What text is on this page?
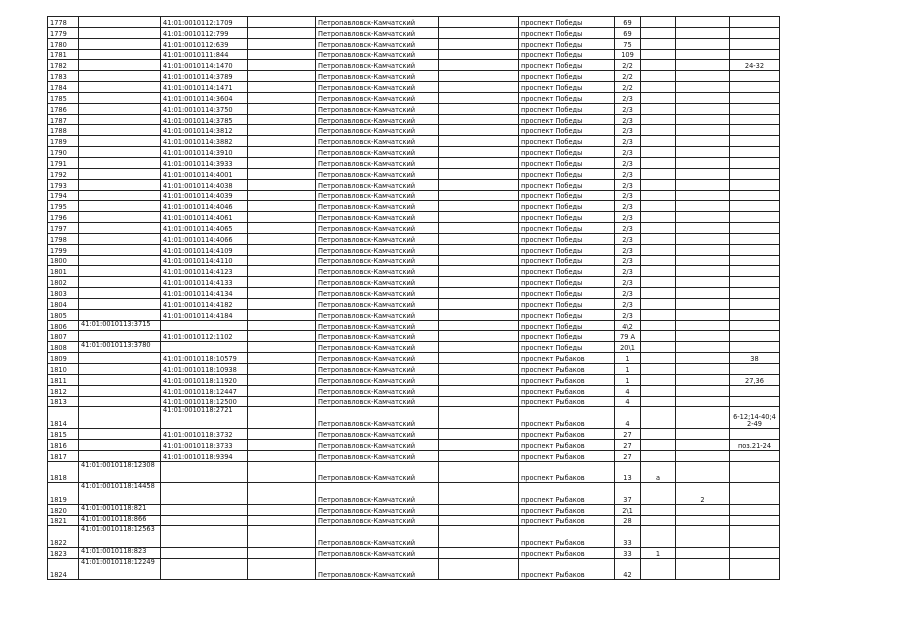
1778		41:01:0010112:1709		Петропавловск-Камчатский		проспект Победы	69			
1779		41:01:0010112:799		Петропавловск-Камчатский		проспект Победы	69			
1780		41:01:0010112:639		Петропавловск-Камчатский		проспект Победы	75			
1781		41:01:0010111:844		Петропавловск-Камчатский		проспект Победы	109			
1782		41:01:0010114:1470		Петропавловск-Камчатский		проспект Победы	2/2			24-32
1783		41:01:0010114:3789		Петропавловск-Камчатский		проспект Победы	2/2			
1784		41:01:0010114:1471		Петропавловск-Камчатский		проспект Победы	2/2			
1785		41:01:0010114:3604		Петропавловск-Камчатский		проспект Победы	2/3			
1786		41:01:0010114:3750		Петропавловск-Камчатский		проспект Победы	2/3			
1787		41:01:0010114:3785		Петропавловск-Камчатский		проспект Победы	2/3			
1788		41:01:0010114:3812		Петропавловск-Камчатский		проспект Победы	2/3			
1789		41:01:0010114:3882		Петропавловск-Камчатский		проспект Победы	2/3			
1790		41:01:0010114:3910		Петропавловск-Камчатский		проспект Победы	2/3			
1791		41:01:0010114:3933		Петропавловск-Камчатский		проспект Победы	2/3			
1792		41:01:0010114:4001		Петропавловск-Камчатский		проспект Победы	2/3			
1793		41:01:0010114:4038		Петропавловск-Камчатский		проспект Победы	2/3			
1794		41:01:0010114:4039		Петропавловск-Камчатский		проспект Победы	2/3			
1795		41:01:0010114:4046		Петропавловск-Камчатский		проспект Победы	2/3			
1796		41:01:0010114:4061		Петропавловск-Камчатский		проспект Победы	2/3			
1797		41:01:0010114:4065		Петропавловск-Камчатский		проспект Победы	2/3			
1798		41:01:0010114:4066		Петропавловск-Камчатский		проспект Победы	2/3			
1799		41:01:0010114:4109		Петропавловск-Камчатский		проспект Победы	2/3			
1800		41:01:0010114:4110		Петропавловск-Камчатский		проспект Победы	2/3			
1801		41:01:0010114:4123		Петропавловск-Камчатский		проспект Победы	2/3			
1802		41:01:0010114:4133		Петропавловск-Камчатский		проспект Победы	2/3			
1803		41:01:0010114:4134		Петропавловск-Камчатский		проспект Победы	2/3			
1804		41:01:0010114:4182		Петропавловск-Камчатский		проспект Победы	2/3			
1805		41:01:0010114:4184		Петропавловск-Камчатский		проспект Победы	2/3			
1806	41:01:0010113:3715			Петропавловск-Камчатский		проспект Победы	4\2			
1807		41:01:0010112:1102		Петропавловск-Камчатский		проспект Победы	79 А			
1808	41:01:0010113:3780			Петропавловск-Камчатский		проспект Победы	20\1			
1809		41:01:0010118:10579		Петропавловск-Камчатский		проспект Рыбаков	1			38
1810		41:01:0010118:10938		Петропавловск-Камчатский		проспект Рыбаков	1			
1811		41:01:0010118:11920		Петропавловск-Камчатский		проспект Рыбаков	1			27,36
1812		41:01:0010118:12447		Петропавловск-Камчатский		проспект Рыбаков	4			
1813		41:01:0010118:12500		Петропавловск-Камчатский		проспект Рыбаков	4			
1814		41:01:0010118:2721		Петропавловск-Камчатский		проспект Рыбаков	4			6-12;14-40;42-49
1815		41:01:0010118:3732		Петропавловск-Камчатский		проспект Рыбаков	27			
1816		41:01:0010118:3733		Петропавловск-Камчатский		проспект Рыбаков	27			поз.21-24
1817		41:01:0010118:9394		Петропавловск-Камчатский		проспект Рыбаков	27			
1818	41:01:0010118:12308			Петропавловск-Камчатский		проспект Рыбаков	13	а		
1819	41:01:0010118:14458			Петропавловск-Камчатский		проспект Рыбаков	37		2	
1820	41:01:0010118:821			Петропавловск-Камчатский		проспект Рыбаков	2\1			
1821	41:01:0010118:866			Петропавловск-Камчатский		проспект Рыбаков	28			
1822	41:01:0010118:12563			Петропавловск-Камчатский		проспект Рыбаков	33			
1823	41:01:0010118:823			Петропавловск-Камчатский		проспект Рыбаков	33	1		
1824	41:01:0010118:12249			Петропавловск-Камчатский		проспект Рыбаков	42			
